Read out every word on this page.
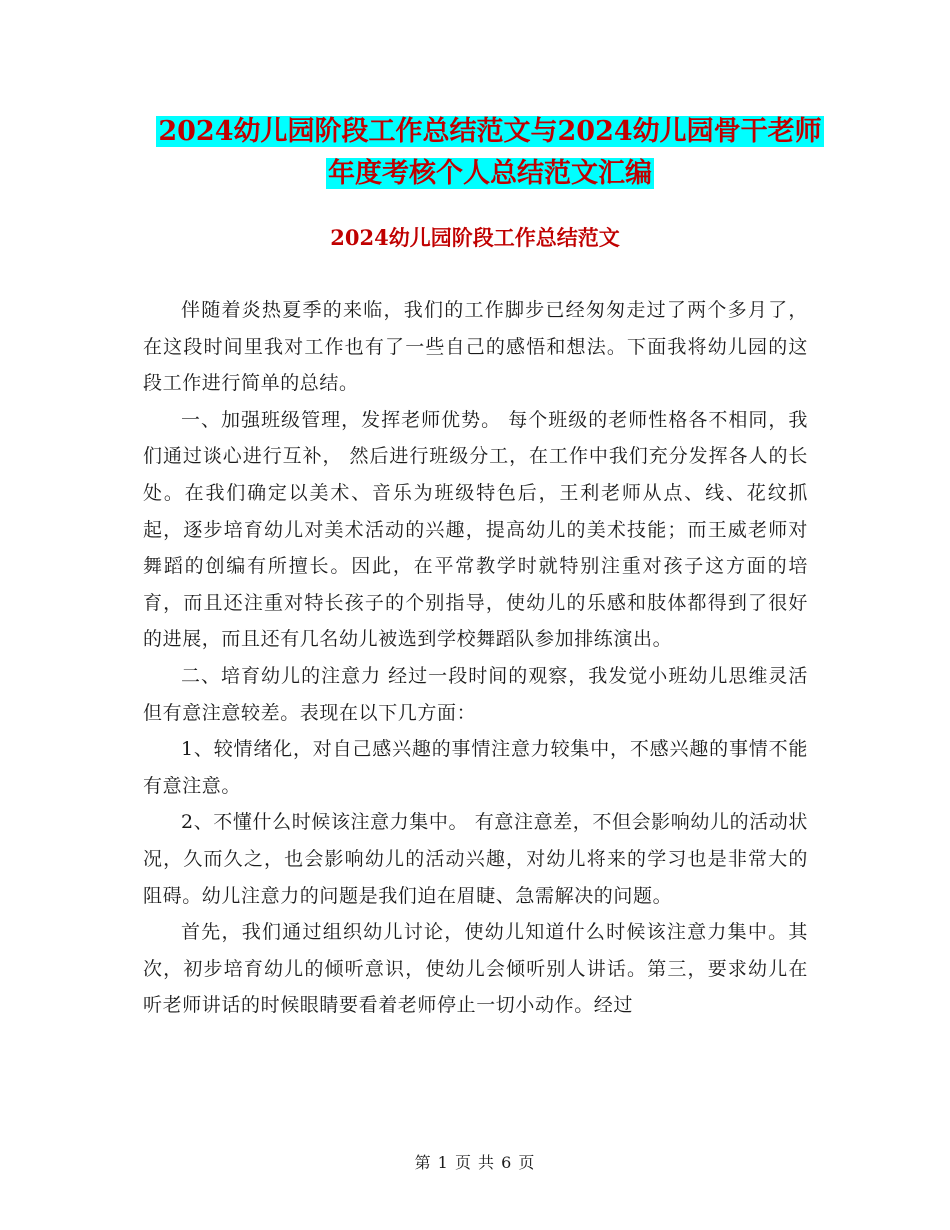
2024幼儿园阶段工作总结范文与2024幼儿园骨干老师
年度考核个人总结范文汇编
2024幼儿园阶段工作总结范文

伴随着炎热夏季的来临，我们的工作脚步已经匆匆走过了两个多月了，在这段时间里我对工作也有了一些自己的感悟和想法。下面我将幼儿园的这段工作进行简单的总结。

一、加强班级管理，发挥老师优势。 每个班级的老师性格各不相同，我们通过谈心进行互补， 然后进行班级分工，在工作中我们充分发挥各人的长处。在我们确定以美术、音乐为班级特色后，王利老师从点、线、花纹抓起，逐步培育幼儿对美术活动的兴趣，提高幼儿的美术技能；而王威老师对舞蹈的创编有所擅长。因此，在平常教学时就特别注重对孩子这方面的培育，而且还注重对特长孩子的个别指导，使幼儿的乐感和肢体都得到了很好的进展，而且还有几名幼儿被选到学校舞蹈队参加排练演出。

二、培育幼儿的注意力 经过一段时间的观察，我发觉小班幼儿思维灵活但有意注意较差。表现在以下几方面：

1、较情绪化，对自己感兴趣的事情注意力较集中，不感兴趣的事情不能有意注意。

2、不懂什么时候该注意力集中。 有意注意差，不但会影响幼儿的活动状况，久而久之，也会影响幼儿的活动兴趣，对幼儿将来的学习也是非常大的阻碍。幼儿注意力的问题是我们迫在眉睫、急需解决的问题。

首先，我们通过组织幼儿讨论，使幼儿知道什么时候该注意力集中。其次，初步培育幼儿的倾听意识，使幼儿会倾听别人讲话。第三，要求幼儿在听老师讲话的时候眼睛要看着老师停止一切小动作。经过

第 1 页 共 6 页
